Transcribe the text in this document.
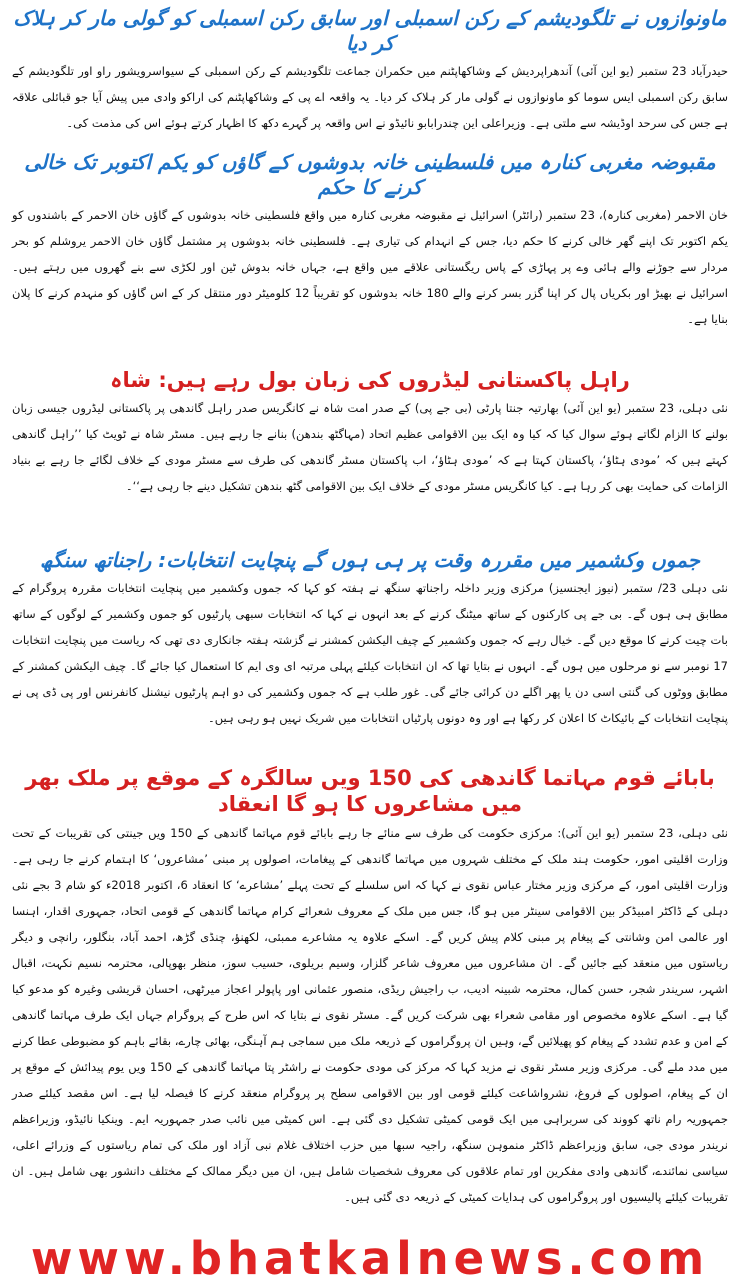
ماونوازوں نے تلگودیشم کے رکن اسمبلی اور سابق رکن اسمبلی کو گولی مار کر ہلاک کر دیا

حیدرآباد 23 ستمبر (یو این آئی) آندھراپردیش کے وشاکھاپٹنم میں حکمران جماعت تلگودیشم کے رکن اسمبلی کے سیواسرویشور راو اور تلگودیشم کے سابق رکن اسمبلی ایس سوما کو ماونوازوں نے گولی مار کر ہلاک کر دیا۔ یہ واقعہ اے پی کے وشاکھاپٹنم کی اراکو وادی میں پیش آیا جو قبائلی علاقہ ہے جس کی سرحد اوڈیشہ سے ملتی ہے۔ وزیراعلی این چندرابابو نائیڈو نے اس واقعہ پر گہرے دکھ کا اظہار کرتے ہوئے اس کی مذمت کی۔

مقبوضہ مغربی کنارہ میں فلسطینی خانہ بدوشوں کے گاؤں کو یکم اکتوبر تک خالی کرنے کا حکم

خان الاحمر (مغربی کنارہ)، 23 ستمبر (رائٹر) اسرائیل نے مقبوضہ مغربی کنارہ میں واقع فلسطینی خانہ بدوشوں کے گاؤں خان الاحمر کے باشندوں کو یکم اکتوبر تک اپنے گھر خالی کرنے کا حکم دیا، جس کے انہدام کی تیاری ہے۔ فلسطینی خانہ بدوشوں پر مشتمل گاؤں خان الاحمر یروشلم کو بحر مردار سے جوڑنے والے ہائی وے پر پہاڑی کے پاس ریگستانی علاقے میں واقع ہے، جہاں خانہ بدوش ٹین اور لکڑی سے بنے گھروں میں رہتے ہیں۔ اسرائیل نے بھیڑ اور بکریاں پال کر اپنا گزر بسر کرنے والے 180 خانہ بدوشوں کو تقریباً 12 کلومیٹر دور منتقل کر کے اس گاؤں کو منہدم کرنے کا پلان بنایا ہے۔

راہل پاکستانی لیڈروں کی زبان بول رہے ہیں: شاہ

نئی دہلی، 23 ستمبر (یو این آئی) بھارتیہ جنتا پارٹی (بی جے پی) کے صدر امت شاہ نے کانگریس صدر راہل گاندھی پر پاکستانی لیڈروں جیسی زبان بولنے کا الزام لگاتے ہوئے سوال کیا کہ کیا وہ ایک بین الاقوامی عظیم اتحاد (مہاگٹھ بندھن) بنانے جا رہے ہیں۔ مسٹر شاہ نے ٹویٹ کیا ’’راہل گاندھی کہتے ہیں کہ ’مودی ہٹاؤ‘، پاکستان کہتا ہے کہ ’مودی ہٹاؤ‘، اب پاکستان مسٹر گاندھی کی طرف سے مسٹر مودی کے خلاف لگائے جا رہے بے بنیاد الزامات کی حمایت بھی کر رہا ہے۔ کیا کانگریس مسٹر مودی کے خلاف ایک بین الاقوامی گٹھ بندھن تشکیل دینے جا رہی ہے‘‘۔

جموں وکشمیر میں مقررہ وقت پر ہی ہوں گے پنچایت انتخابات: راجناتھ سنگھ

نئی دہلی 23/ ستمبر (نیوز ایجنسیز) مرکزی وزیر داخلہ راجناتھ سنگھ نے ہفتہ کو کہا کہ جموں وکشمیر میں پنچایت انتخابات مقررہ پروگرام کے مطابق ہی ہوں گے۔ بی جے پی کارکنوں کے ساتھ میٹنگ کرنے کے بعد انہوں نے کہا کہ انتخابات سبھی پارٹیوں کو جموں وکشمیر کے لوگوں کے ساتھ بات چیت کرنے کا موقع دیں گے۔ خیال رہے کہ جموں وکشمیر کے چیف الیکشن کمشنر نے گزشتہ ہفتہ جانکاری دی تھی کہ ریاست میں پنچایت انتخابات 17 نومبر سے نو مرحلوں میں ہوں گے۔ انہوں نے بتایا تھا کہ ان انتخابات کیلئے پہلی مرتبہ ای وی ایم کا استعمال کیا جائے گا۔ چیف الیکشن کمشنر کے مطابق ووٹوں کی گنتی اسی دن یا پھر اگلے دن کرائی جائے گی۔ غور طلب ہے کہ جموں وکشمیر کی دو اہم پارٹیوں نیشنل کانفرنس اور پی ڈی پی نے پنچایت انتخابات کے بائیکاٹ کا اعلان کر رکھا ہے اور وہ دونوں پارٹیاں انتخابات میں شریک نہیں ہو رہی ہیں۔

بابائے قوم مہاتما گاندھی کی 150 ویں سالگرہ کے موقع پر ملک بھر میں مشاعروں کا ہو گا انعقاد

نئی دہلی، 23 ستمبر (یو این آئی): مرکزی حکومت کی طرف سے منائے جا رہے بابائے قوم مہاتما گاندھی کے 150 ویں جینتی کی تقریبات کے تحت وزارت اقلیتی امور، حکومت ہند ملک کے مختلف شہروں میں مہاتما گاندھی کے پیغامات، اصولوں پر مبنی ’مشاعروں‘ کا اہتمام کرنے جا رہی ہے۔ وزارت اقلیتی امور، کے مرکزی وزیر مختار عباس نقوی نے کہا کہ اس سلسلے کے تحت پہلے ’مشاعرے‘ کا انعقاد 6، اکتوبر 2018ء کو شام 3 بجے نئی دہلی کے ڈاکٹر امبیڈکر بین الاقوامی سینٹر میں ہو گا، جس میں ملک کے معروف شعرائے کرام مہاتما گاندھی کے قومی اتحاد، جمہوری اقدار، اہنسا اور عالمی امن وشانتی کے پیغام پر مبنی کلام پیش کریں گے۔ اسکے علاوہ یہ مشاعرے ممبئی، لکھنؤ، چنڈی گڑھ، احمد آباد، بنگلور، رانچی و دیگر ریاستوں میں منعقد کیے جائیں گے۔ ان مشاعروں میں معروف شاعر گلزار، وسیم بریلوی، حسیب سوز، منظر بھوپالی، محترمہ نسیم نکہت، اقبال اشہر، سریندر شجر، حسن کمال، محترمہ شبینہ ادیب، ب راجیش ریڈی، منصور عثمانی اور پاپولر اعجاز میرٹھی، احسان قریشی وغیرہ کو مدعو کیا گیا ہے۔ اسکے علاوہ مخصوص اور مقامی شعراء بھی شرکت کریں گے۔ مسٹر نقوی نے بتایا کہ اس طرح کے پروگرام جہاں ایک طرف مہاتما گاندھی کے امن و عدم تشدد کے پیغام کو پھیلائیں گے، وہیں ان پروگراموں کے ذریعہ ملک میں سماجی ہم آہنگی، بھائی چارے، بقائے باہم کو مضبوطی عطا کرنے میں مدد ملے گی۔ مرکزی وزیر مسٹر نقوی نے مزید کہا کہ مرکز کی مودی حکومت نے راشٹر پتا مہاتما گاندھی کے 150 ویں یوم پیدائش کے موقع پر ان کے پیغام، اصولوں کے فروغ، نشرواشاعت کیلئے قومی اور بین الاقوامی سطح پر پروگرام منعقد کرنے کا فیصلہ لیا ہے۔ اس مقصد کیلئے صدر جمہوریہ رام ناتھ کووند کی سربراہی میں ایک قومی کمیٹی تشکیل دی گئی ہے۔ اس کمیٹی میں نائب صدر جمہوریہ ایم۔ وینکیا نائیڈو، وزیراعظم نریندر مودی جی، سابق وزیراعظم ڈاکٹر منموہن سنگھ، راجیہ سبھا میں حزب اختلاف غلام نبی آزاد اور ملک کی تمام ریاستوں کے وزرائے اعلی، سیاسی نمائندے، گاندھی وادی مفکرین اور تمام علاقوں کی معروف شخصیات شامل ہیں، ان میں دیگر ممالک کے مختلف دانشور بھی شامل ہیں۔ ان تقریبات کیلئے پالیسیوں اور پروگراموں کی ہدایات کمیٹی کے ذریعہ دی گئی ہیں۔

www.bhatkalnews.com
